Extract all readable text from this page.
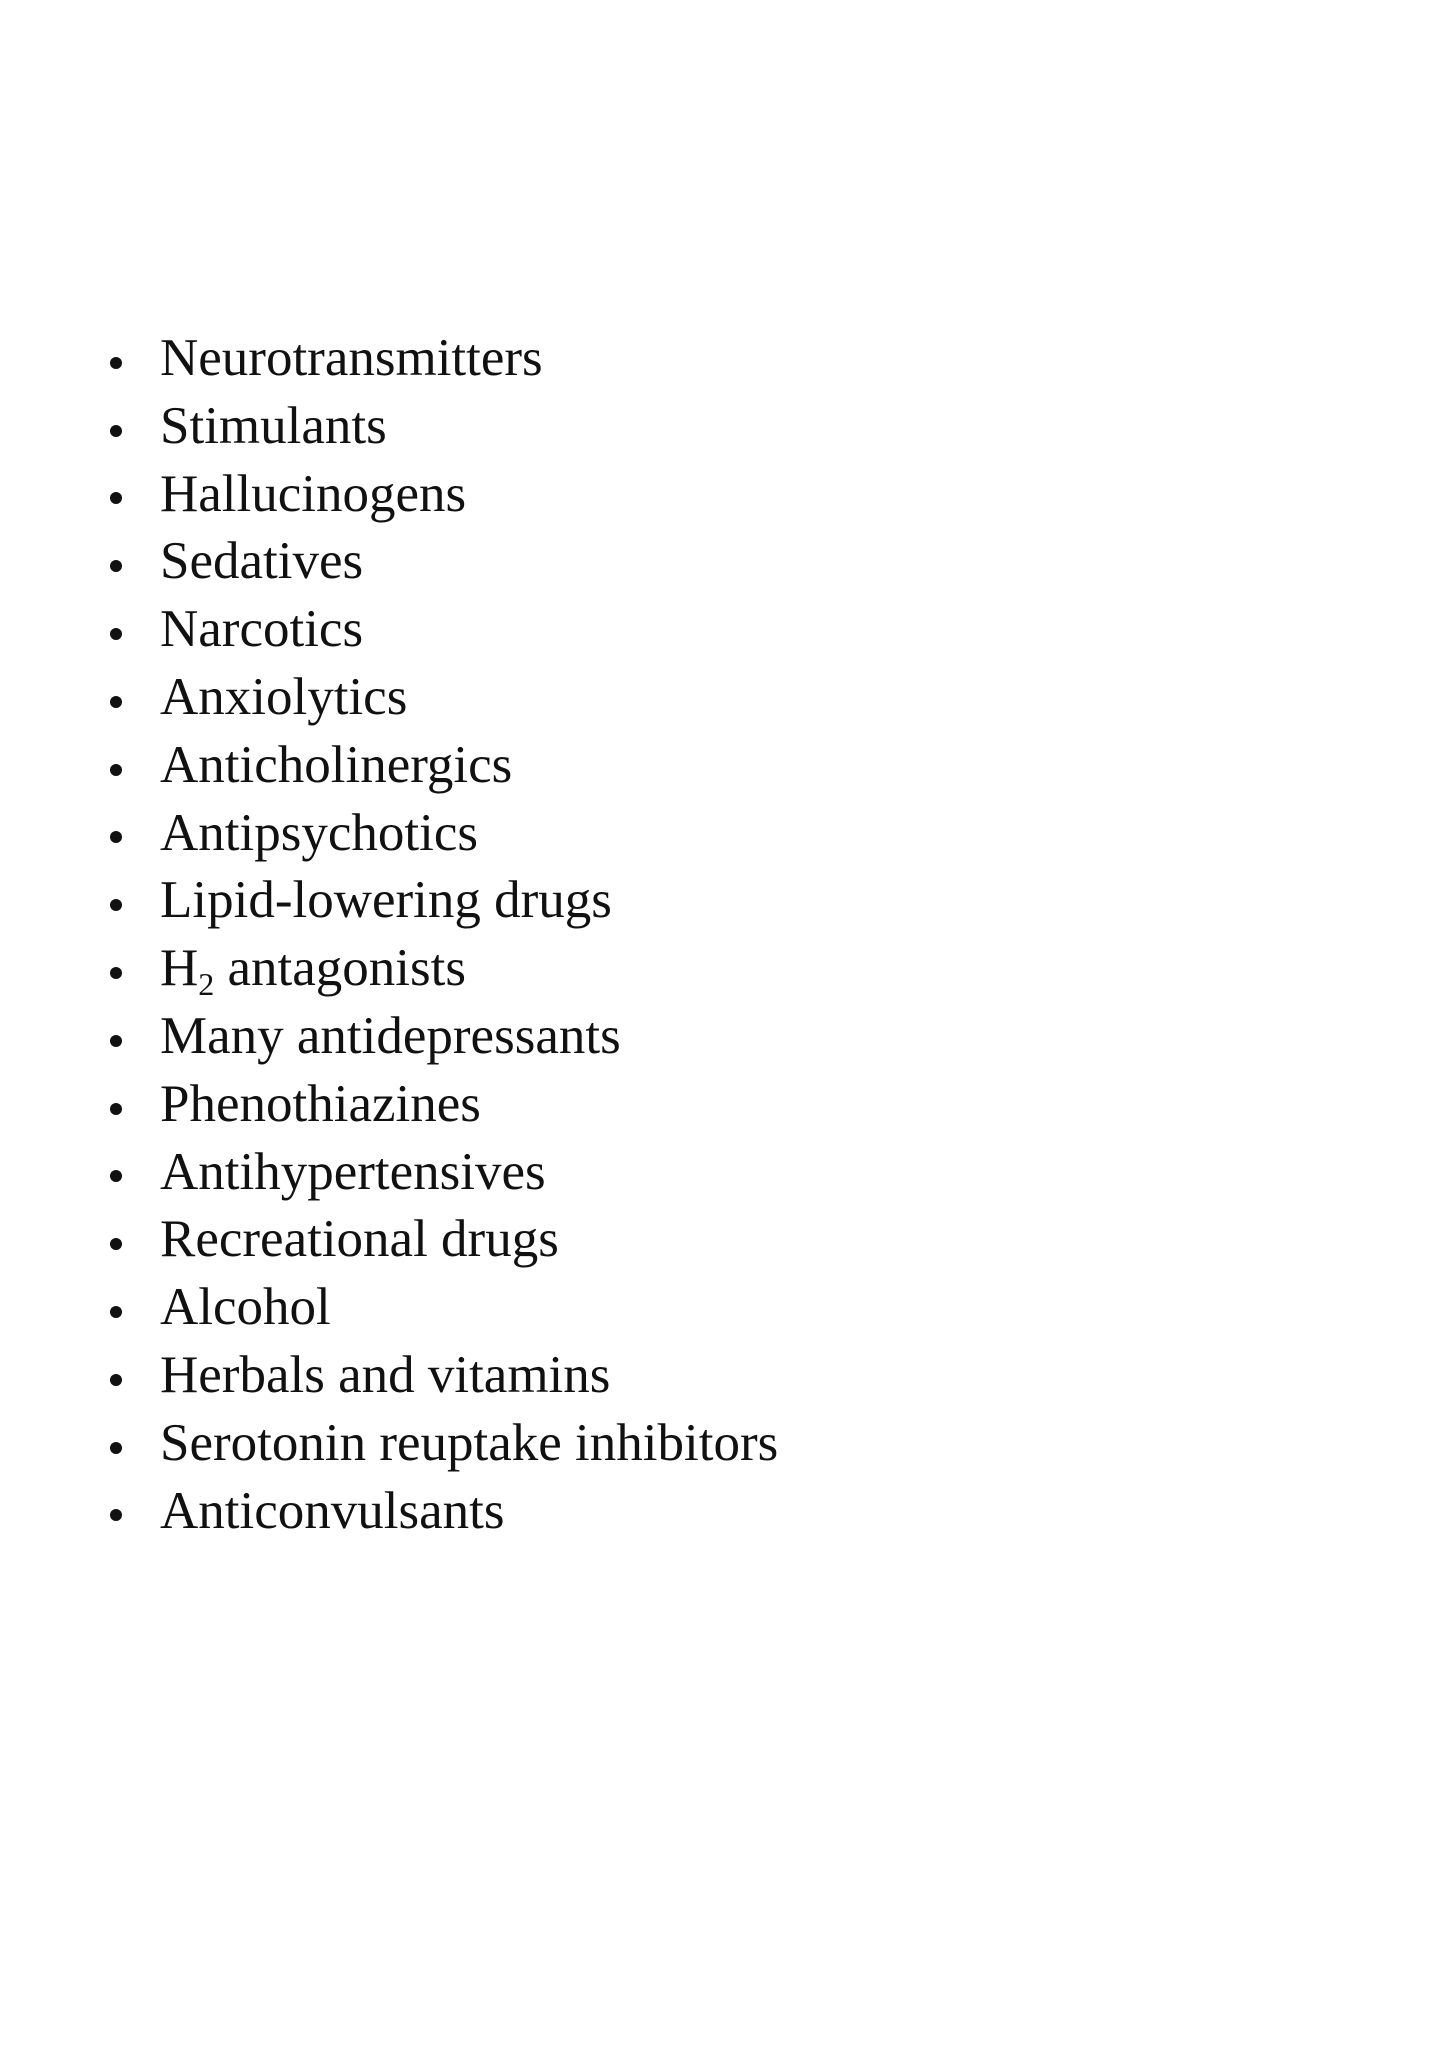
Neurotransmitters
Stimulants
Hallucinogens
Sedatives
Narcotics
Anxiolytics
Anticholinergics
Antipsychotics
Lipid-lowering drugs
$H_2$ antagonists
Many antidepressants
Phenothiazines
Antihypertensives
Recreational drugs
Alcohol
Herbals and vitamins
Serotonin reuptake inhibitors
Anticonvulsants
